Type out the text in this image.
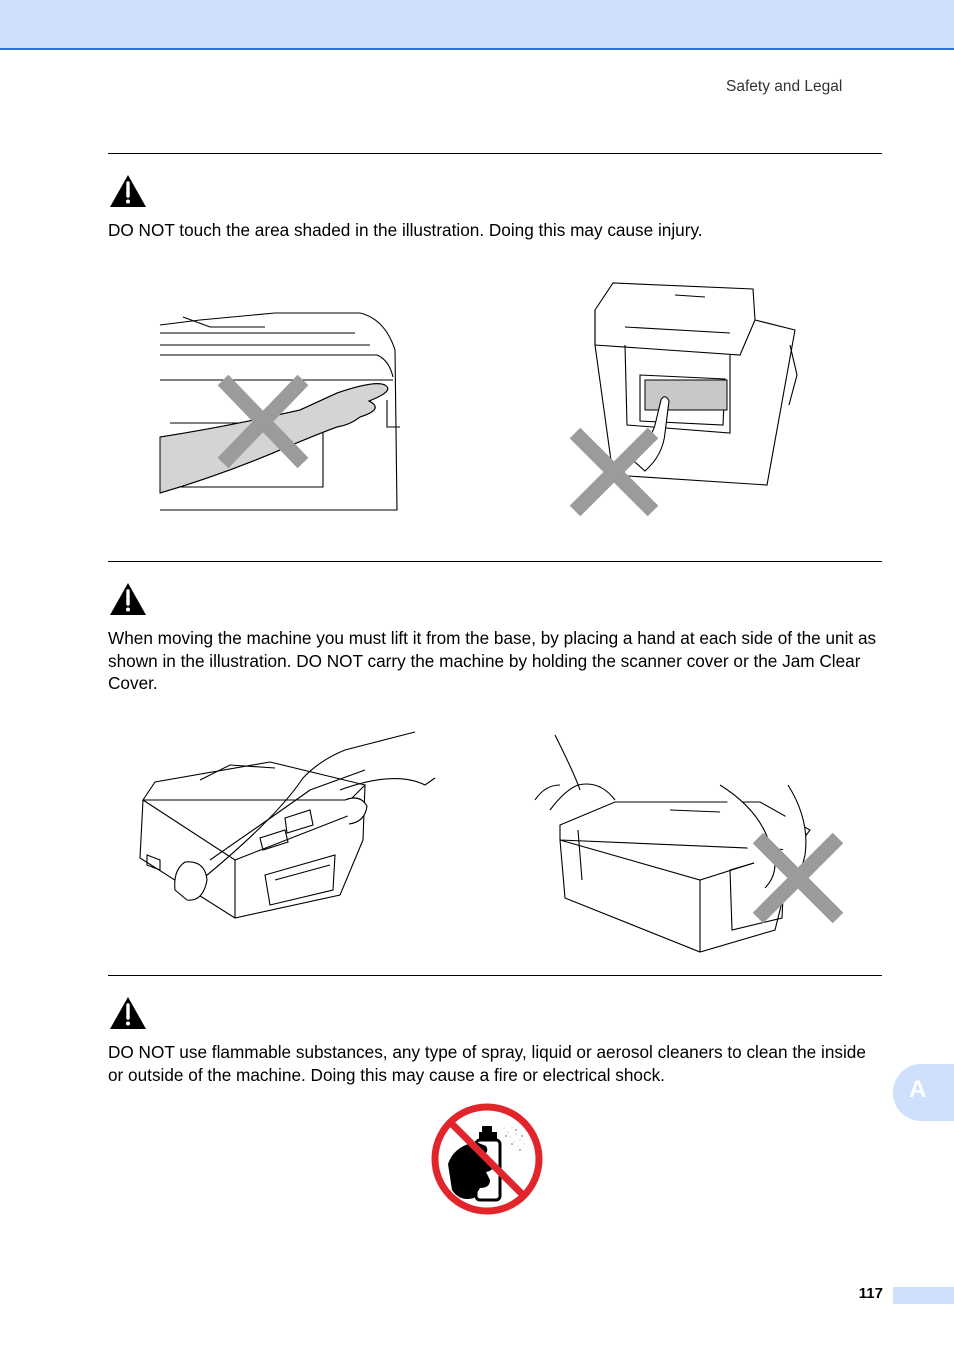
Safety and Legal

DO NOT touch the area shaded in the illustration. Doing this may cause injury.

When moving the machine you must lift it from the base, by placing a hand at each side of the unit as shown in the illustration. DO NOT carry the machine by holding the scanner cover or the Jam Clear Cover.

DO NOT use flammable substances, any type of spray, liquid or aerosol cleaners to clean the inside or outside of the machine. Doing this may cause a fire or electrical shock.

A
117
